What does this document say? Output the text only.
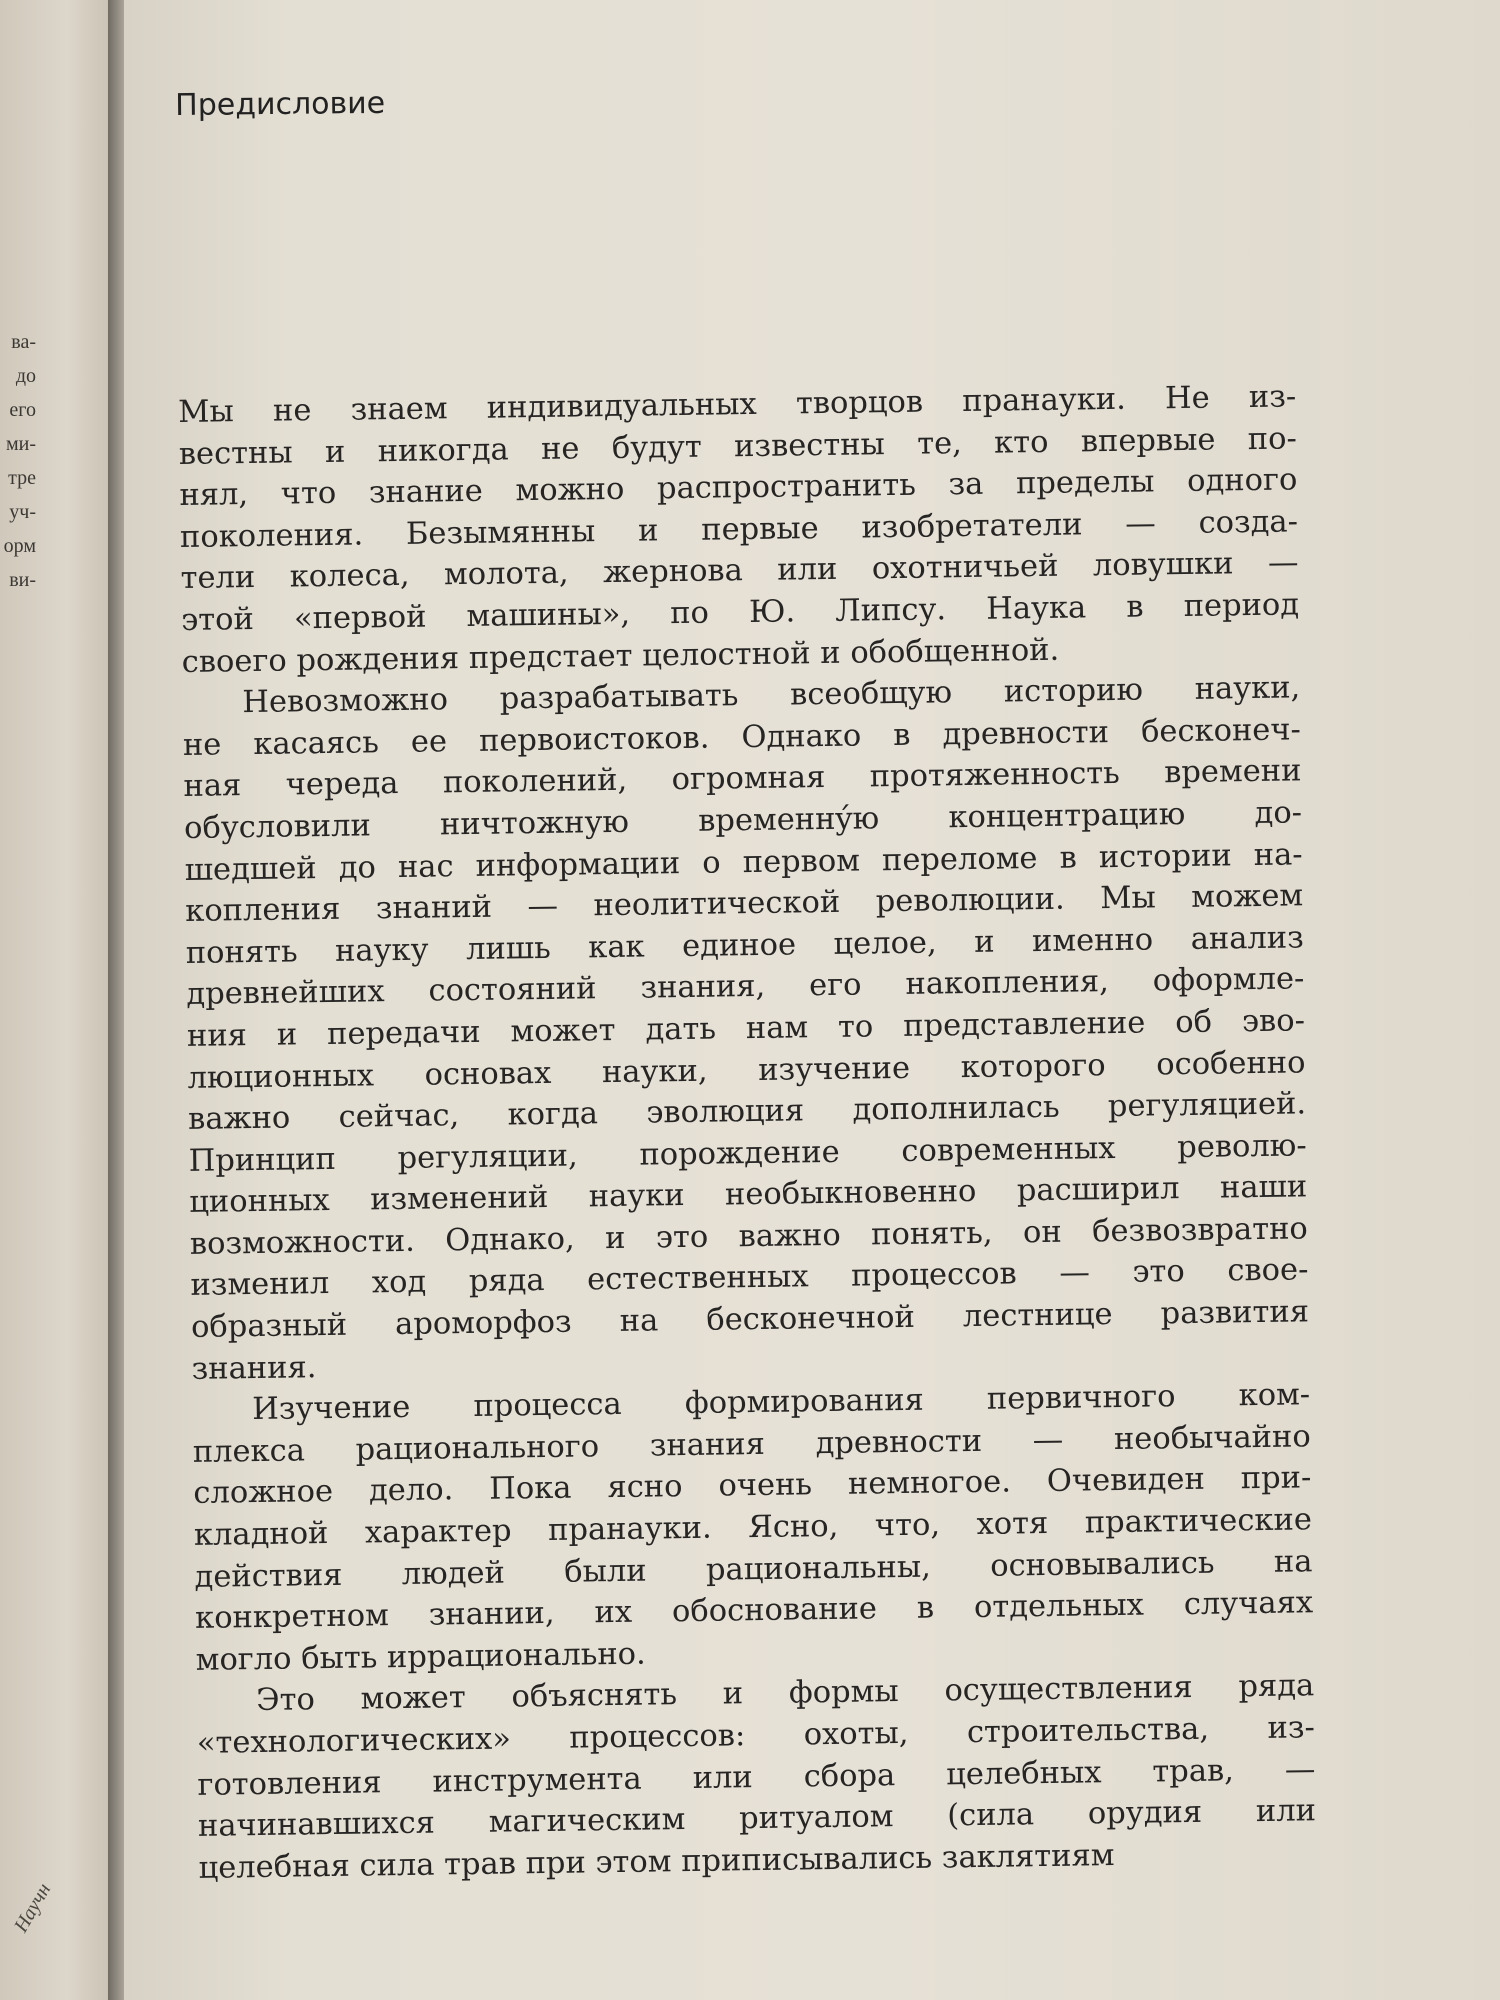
ва-
до
его
ми-
тре
уч-
орм
ви-
Научн
Предисловие
Мы не знаем индивидуальных творцов пранауки. Не из-
вестны и никогда не будут известны те, кто впервые по-
нял, что знание можно распространить за пределы одного
поколения. Безымянны и первые изобретатели — созда-
тели колеса, молота, жернова или охотничьей ловушки —
этой «первой машины», по Ю. Липсу. Наука в период
своего рождения предстает целостной и обобщенной.
Невозможно разрабатывать всеобщую историю науки,
не касаясь ее первоистоков. Однако в древности бесконеч-
ная череда поколений, огромная протяженность времени
обусловили ничтожную временнýю концентрацию до-
шедшей до нас информации о первом переломе в истории на-
копления знаний — неолитической революции. Мы можем
понять науку лишь как единое целое, и именно анализ
древнейших состояний знания, его накопления, оформле-
ния и передачи может дать нам то представление об эво-
люционных основах науки, изучение которого особенно
важно сейчас, когда эволюция дополнилась регуляцией.
Принцип регуляции, порождение современных револю-
ционных изменений науки необыкновенно расширил наши
возможности. Однако, и это важно понять, он безвозвратно
изменил ход ряда естественных процессов — это свое-
образный ароморфоз на бесконечной лестнице развития
знания.
Изучение процесса формирования первичного ком-
плекса рационального знания древности — необычайно
сложное дело. Пока ясно очень немногое. Очевиден при-
кладной характер пранауки. Ясно, что, хотя практические
действия людей были рациональны, основывались на
конкретном знании, их обоснование в отдельных случаях
могло быть иррационально.
Это может объяснять и формы осуществления ряда
«технологических» процессов: охоты, строительства, из-
готовления инструмента или сбора целебных трав, —
начинавшихся магическим ритуалом (сила орудия или
целебная сила трав при этом приписывались заклятиям
